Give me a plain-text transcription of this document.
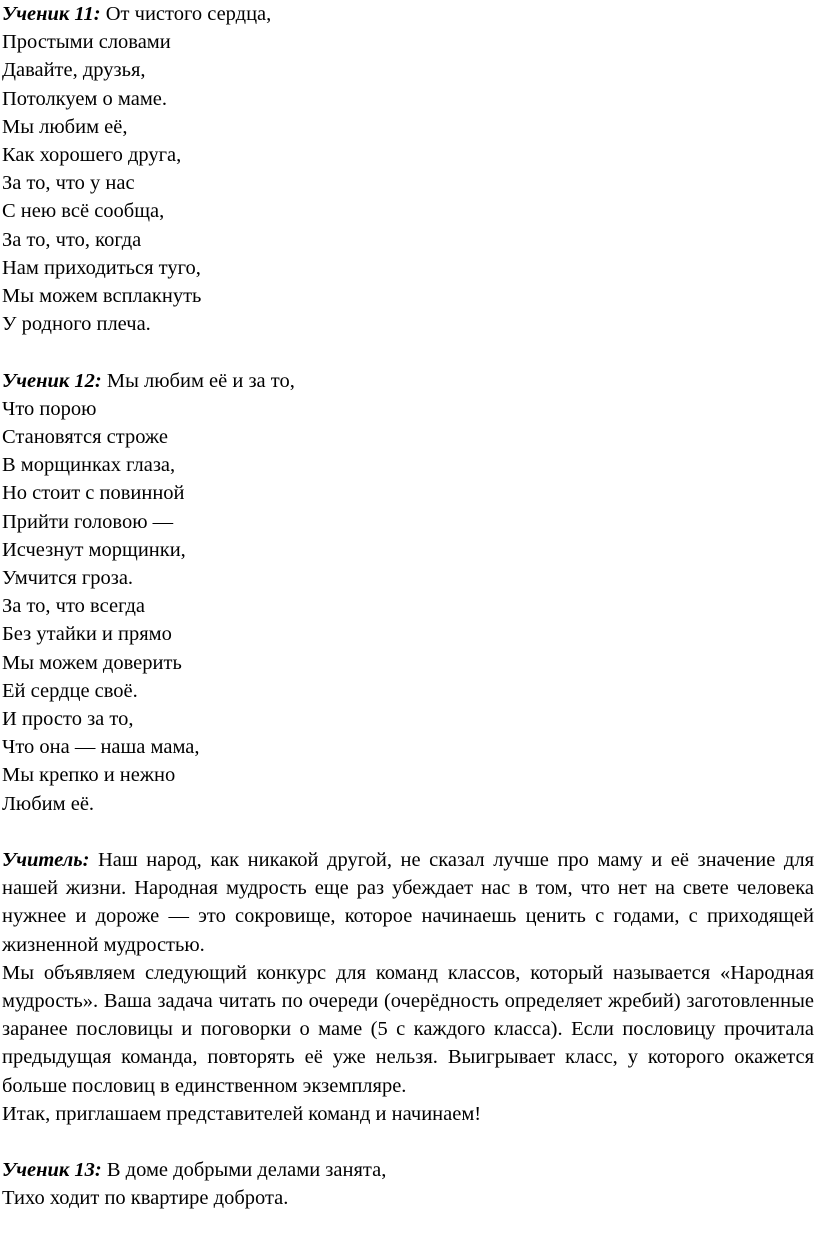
Ученик 11: От чистого сердца,
Простыми словами
Давайте, друзья,
Потолкуем о маме.
Мы любим её,
Как хорошего друга,
За то, что у нас
С нею всё сообща,
За то, что, когда
Нам приходиться туго,
Мы можем всплакнуть
У родного плеча.
Ученик 12: Мы любим её и за то,
Что порою
Становятся строже
В морщинках глаза,
Но стоит с повинной
Прийти головою —
Исчезнут морщинки,
Умчится гроза.
За то, что всегда
Без утайки и прямо
Мы можем доверить
Ей сердце своё.
И просто за то,
Что она — наша мама,
Мы крепко и нежно
Любим её.

Учитель: Наш народ, как никакой другой, не сказал лучше про маму и её значение для нашей жизни. Народная мудрость еще раз убеждает нас в том, что нет на свете человека нужнее и дороже — это сокровище, которое начинаешь ценить с годами, с приходящей жизненной мудростью.

Мы объявляем следующий конкурс для команд классов, который называется «Народная мудрость». Ваша задача читать по очереди (очерёдность определяет жребий) заготовленные заранее пословицы и поговорки о маме (5 с каждого класса). Если пословицу прочитала предыдущая команда, повторять её уже нельзя. Выигрывает класс, у которого окажется больше пословиц в единственном экземпляре.

Итак, приглашаем представителей команд и начинаем!

Ученик 13: В доме добрыми делами занята,
Тихо ходит по квартире доброта.
